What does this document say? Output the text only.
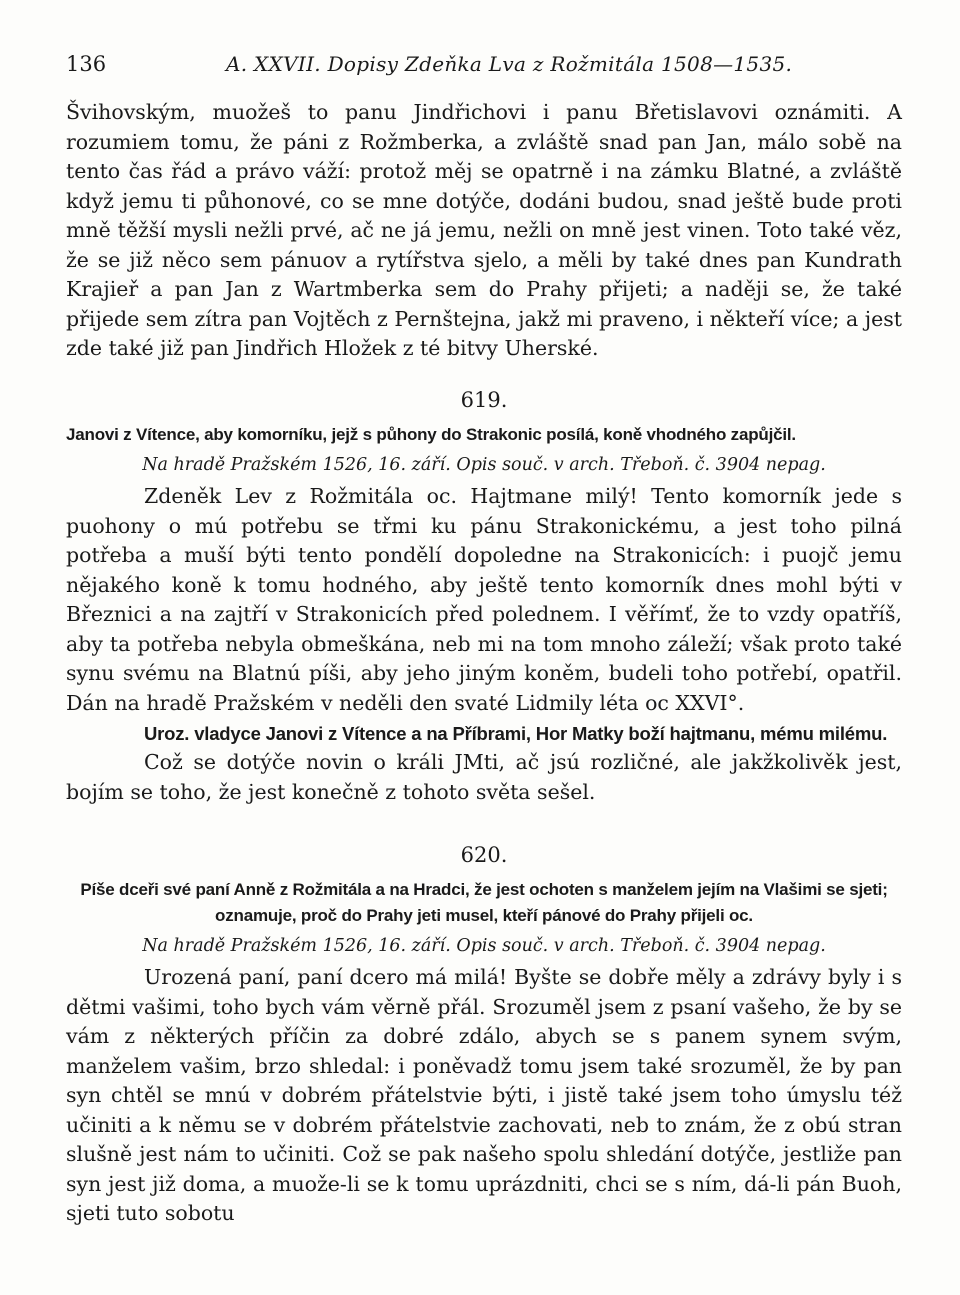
136	A. XXVII. Dopisy Zdeňka Lva z Rožmitála 1508—1535.

Švihovským, muožeš to panu Jindřichovi i panu Břetislavovi oznámiti. A rozumiem tomu, že páni z Rožmberka, a zvláště snad pan Jan, málo sobě na tento čas řád a právo váží: protož měj se opatrně i na zámku Blatné, a zvláště když jemu ti půhonové, co se mne dotýče, dodáni budou, snad ještě bude proti mně těžší mysli nežli prvé, ač ne já jemu, nežli on mně jest vinen. Toto také věz, že se již něco sem pánuov a rytířstva sjelo, a měli by také dnes pan Kundrath Krajieř a pan Jan z Wartmberka sem do Prahy přijeti; a naději se, že také přijede sem zítra pan Vojtěch z Pernštejna, jakž mi praveno, i někteří více; a jest zde také již pan Jindřich Hložek z té bitvy Uherské.

619.

Janovi z Vítence, aby komorníku, jejž s půhony do Strakonic posílá, koně vhodného zapůjčil.

Na hradě Pražském 1526, 16. září. Opis souč. v arch. Třeboň. č. 3904 nepag.

Zdeněk Lev z Rožmitála oc. Hajtmane milý! Tento komorník jede s puohony o mú potřebu se třmi ku pánu Strakonickému, a jest toho pilná potřeba a muší býti tento pondělí dopoledne na Strakonicích: i puojč jemu nějakého koně k tomu hodného, aby ještě tento komorník dnes mohl býti v Březnici a na zajtří v Strakonicích před polednem. I věřímť, že to vzdy opatříš, aby ta potřeba nebyla obmeškána, neb mi na tom mnoho záleží; však proto také synu svému na Blatnú píši, aby jeho jiným koněm, budeli toho potřebí, opatřil. Dán na hradě Pražském v neděli den svaté Lidmily léta oc XXVI°.

Uroz. vladyce Janovi z Vítence a na Příbrami, Hor Matky boží hajtmanu, mému milému.

Což se dotýče novin o králi JMti, ač jsú rozličné, ale jakžkolivěk jest, bojím se toho, že jest konečně z tohoto světa sešel.

620.

Píše dceři své paní Anně z Rožmitála a na Hradci, že jest ochoten s manželem jejím na Vlašimi se sjeti; oznamuje, proč do Prahy jeti musel, kteří pánové do Prahy přijeli oc.

Na hradě Pražském 1526, 16. září. Opis souč. v arch. Třeboň. č. 3904 nepag.

Urozená paní, paní dcero má milá! Byšte se dobře měly a zdrávy byly i s dětmi vašimi, toho bych vám věrně přál. Srozuměl jsem z psaní vašeho, že by se vám z některých příčin za dobré zdálo, abych se s panem synem svým, manželem vašim, brzo shledal: i poněvadž tomu jsem také srozuměl, že by pan syn chtěl se mnú v dobrém přátelstvie býti, i jistě také jsem toho úmyslu též učiniti a k němu se v dobrém přátelstvie zachovati, neb to znám, že z obú stran slušně jest nám to učiniti. Což se pak našeho spolu shledání dotýče, jestliže pan syn jest již doma, a muože-li se k tomu uprázdniti, chci se s ním, dá-li pán Buoh, sjeti tuto sobotu
